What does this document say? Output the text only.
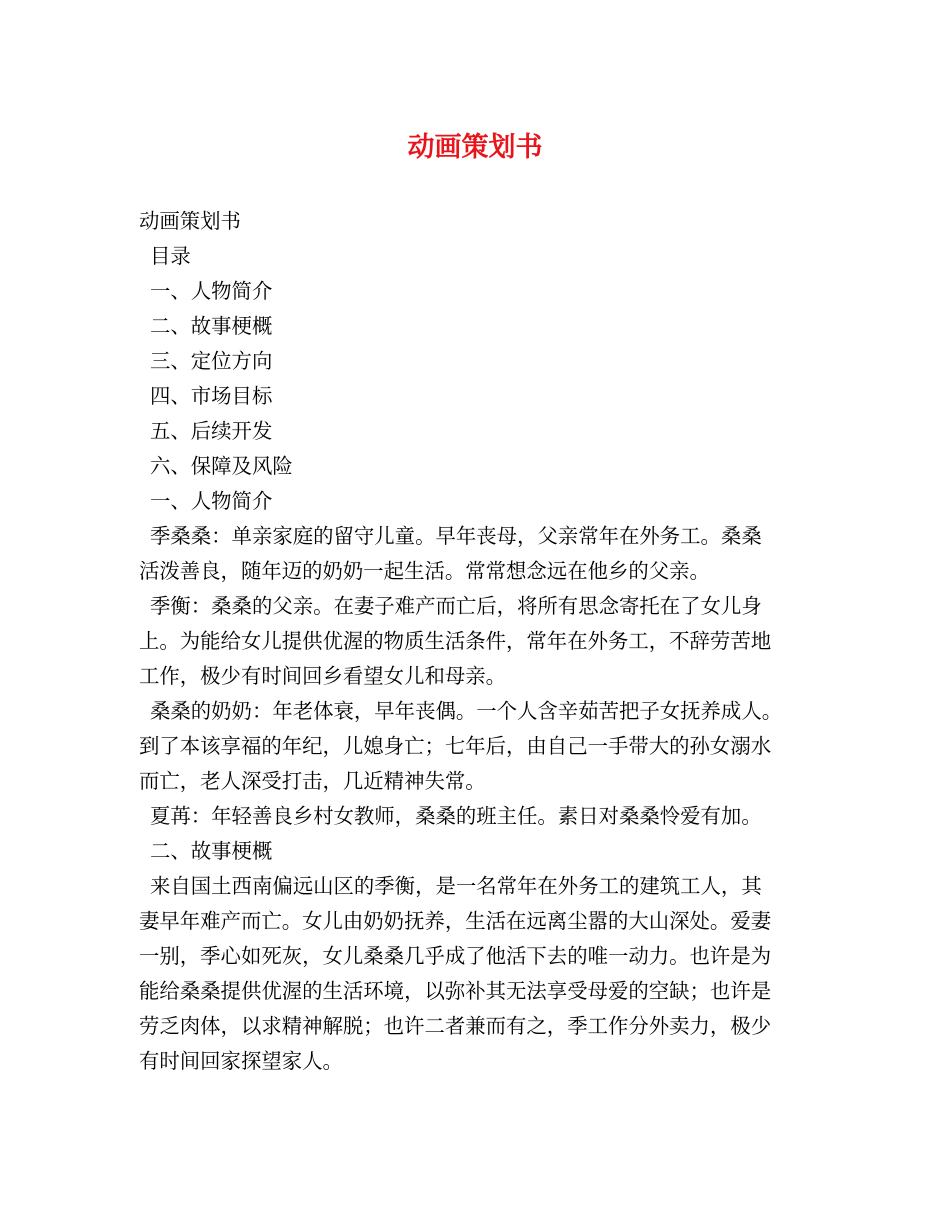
动画策划书

动画策划书

目录

一、人物简介

二、故事梗概

三、定位方向

四、市场目标

五、后续开发

六、保障及风险

一、人物简介

季桑桑：单亲家庭的留守儿童。早年丧母，父亲常年在外务工。桑桑

活泼善良，随年迈的奶奶一起生活。常常想念远在他乡的父亲。

季衡：桑桑的父亲。在妻子难产而亡后，将所有思念寄托在了女儿身

上。为能给女儿提供优渥的物质生活条件，常年在外务工，不辞劳苦地

工作，极少有时间回乡看望女儿和母亲。

桑桑的奶奶：年老体衰，早年丧偶。一个人含辛茹苦把子女抚养成人。

到了本该享福的年纪，儿媳身亡；七年后，由自己一手带大的孙女溺水

而亡，老人深受打击，几近精神失常。

夏苒：年轻善良乡村女教师，桑桑的班主任。素日对桑桑怜爱有加。

二、故事梗概

来自国土西南偏远山区的季衡，是一名常年在外务工的建筑工人，其

妻早年难产而亡。女儿由奶奶抚养，生活在远离尘嚣的大山深处。爱妻

一别，季心如死灰，女儿桑桑几乎成了他活下去的唯一动力。也许是为

能给桑桑提供优渥的生活环境，以弥补其无法享受母爱的空缺；也许是

劳乏肉体，以求精神解脱；也许二者兼而有之，季工作分外卖力，极少

有时间回家探望家人。
